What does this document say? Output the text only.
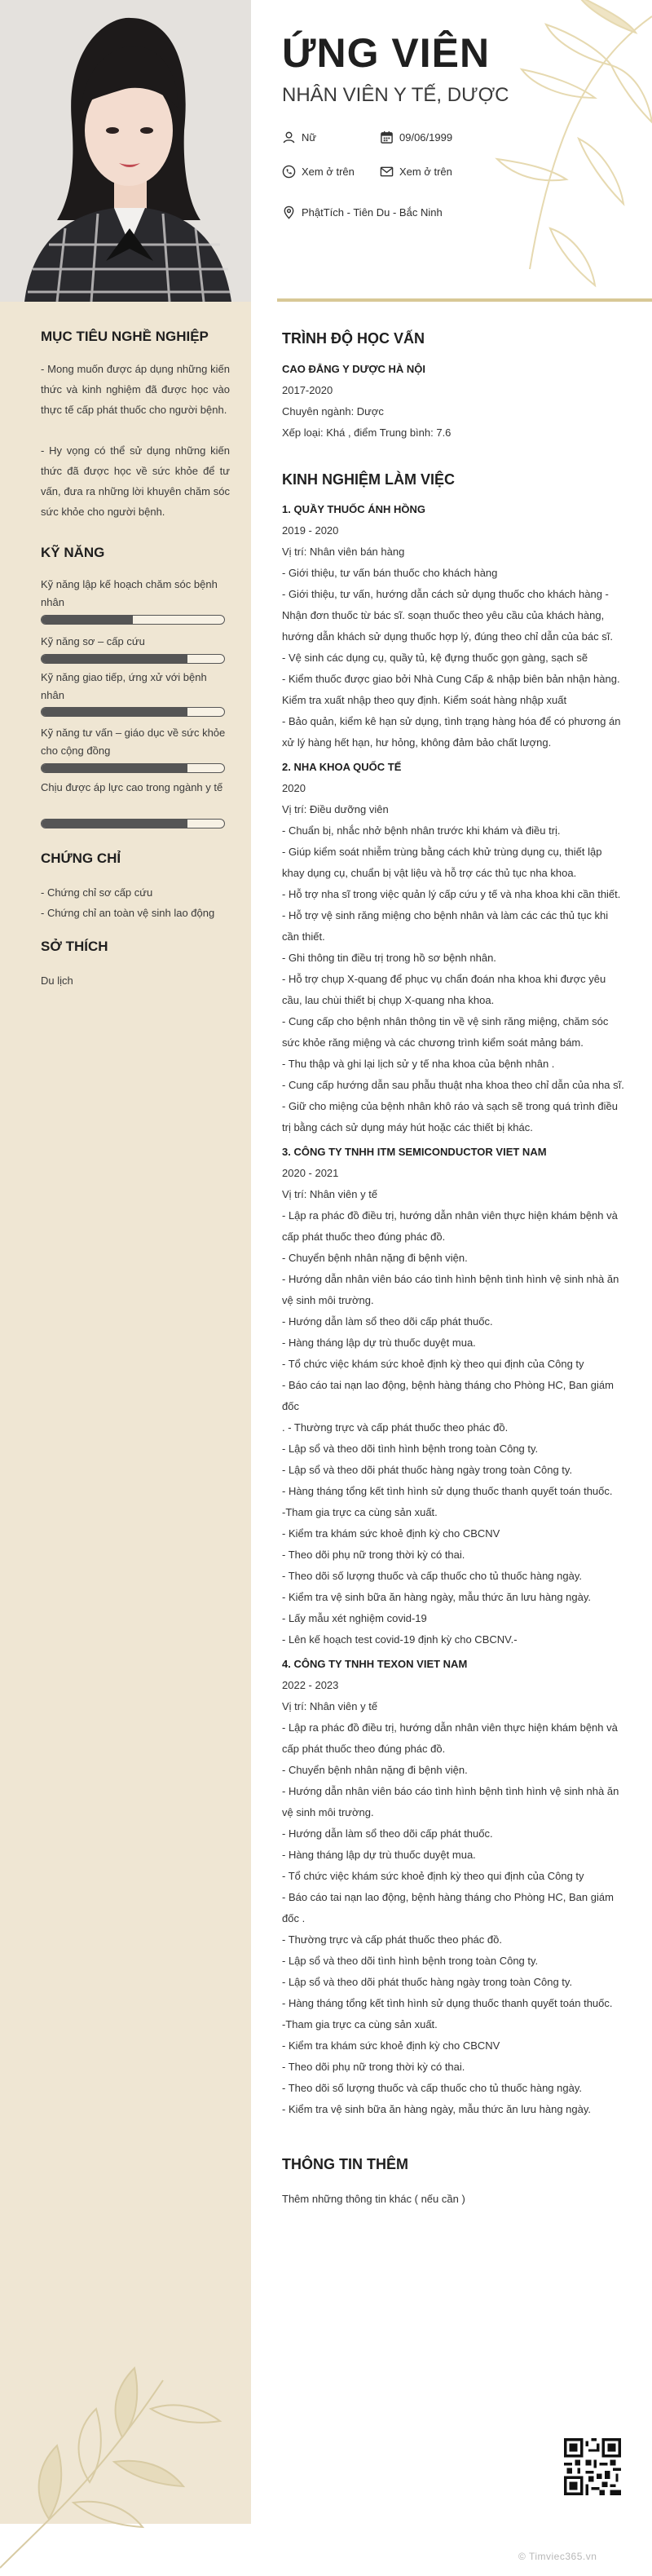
ỨNG VIÊN
NHÂN VIÊN Y TẾ, DƯỢC
Nữ	09/06/1999
Xem ở trên	Xem ở trên
PhậtTích - Tiên Du - Bắc Ninh
MỤC TIÊU NGHỀ NGHIỆP
- Mong muốn được áp dụng những kiến thức và kinh nghiệm đã được học vào thực tế cấp phát thuốc cho người bệnh.
- Hy vọng có thể sử dụng những kiến thức đã được học về sức khỏe để tư vấn, đưa ra những lời khuyên chăm sóc sức khỏe cho người bệnh.
KỸ NĂNG
Kỹ năng lập kế hoạch chăm sóc bệnh nhân
Kỹ năng sơ – cấp cứu
Kỹ năng giao tiếp, ứng xử với bệnh nhân
Kỹ năng tư vấn – giáo dục về sức khỏe cho cộng đồng
Chịu được áp lực cao trong ngành y tế
CHỨNG CHỈ
- Chứng chỉ sơ cấp cứu
- Chứng chỉ an toàn vệ sinh lao động
SỞ THÍCH
Du lịch
TRÌNH ĐỘ HỌC VẤN
CAO ĐẲNG Y DƯỢC HÀ NỘI
2017-2020
Chuyên ngành: Dược
Xếp loại: Khá , điểm Trung bình: 7.6
KINH NGHIỆM LÀM VIỆC
1. QUẦY THUỐC ÁNH HỒNG
2019 - 2020
Vị trí: Nhân viên bán hàng
- Giới thiệu, tư vấn bán thuốc cho khách hàng
- Giới thiệu, tư vấn, hướng dẫn cách sử dụng thuốc cho khách hàng - Nhận đơn thuốc từ bác sĩ. soạn thuốc theo yêu cầu của khách hàng, hướng dẫn khách sử dụng thuốc hợp lý, đúng theo chỉ dẫn của bác sĩ.
- Vệ sinh các dụng cụ, quầy tủ, kệ đựng thuốc gọn gàng, sạch sẽ
- Kiểm thuốc được giao bởi Nhà Cung Cấp & nhập biên bản nhận hàng. Kiểm tra xuất nhập theo quy định. Kiểm soát hàng nhập xuất
- Bảo quản, kiểm kê hạn sử dụng, tình trạng hàng hóa để có phương án xử lý hàng hết hạn, hư hỏng, không đảm bảo chất lượng.
2. NHA KHOA QUỐC TẾ
2020
Vị trí: Điều dưỡng viên
- Chuẩn bị, nhắc nhở bệnh nhân trước khi khám và điều trị.
- Giúp kiểm soát nhiễm trùng bằng cách khử trùng dụng cụ, thiết lập khay dụng cụ, chuẩn bị vật liệu và hỗ trợ các thủ tục nha khoa.
- Hỗ trợ nha sĩ trong việc quản lý cấp cứu y tế và nha khoa khi cần thiết.
- Hỗ trợ vệ sinh răng miệng cho bệnh nhân và làm các các thủ tục khi cần thiết.
- Ghi thông tin điều trị trong hồ sơ bệnh nhân.
- Hỗ trợ chụp X-quang để phục vụ chẩn đoán nha khoa khi được yêu cầu, lau chùi thiết bị chụp X-quang nha khoa.
- Cung cấp cho bệnh nhân thông tin về vệ sinh răng miệng, chăm sóc sức khỏe răng miệng và các chương trình kiểm soát mảng bám.
- Thu thập và ghi lại lịch sử y tế nha khoa của bệnh nhân .
- Cung cấp hướng dẫn sau phẫu thuật nha khoa theo chỉ dẫn của nha sĩ.
- Giữ cho miệng của bệnh nhân khô ráo và sạch sẽ trong quá trình điều trị bằng cách sử dụng máy hút hoặc các thiết bị khác.
3. CÔNG TY TNHH ITM SEMICONDUCTOR VIET NAM
2020 - 2021
Vị trí: Nhân viên y tế
- Lập ra phác đồ điều trị, hướng dẫn nhân viên thực hiện khám bệnh và cấp phát thuốc theo đúng phác đồ.
- Chuyển bệnh nhân nặng đi bệnh viện.
- Hướng dẫn nhân viên báo cáo tình hình bệnh tình hình vệ sinh nhà ăn vệ sinh môi trường.
- Hướng dẫn làm sổ theo dõi cấp phát thuốc.
- Hàng tháng lập dự trù thuốc duyệt mua.
- Tổ chức việc khám sức khoẻ định kỳ theo qui định của Công ty
- Báo cáo tai nạn lao động, bệnh hàng tháng cho Phòng HC, Ban giám đốc
. - Thường trực và cấp phát thuốc theo phác đồ.
- Lập sổ và theo dõi tình hình bệnh trong toàn Công ty.
- Lập sổ và theo dõi phát thuốc hàng ngày trong toàn Công ty.
- Hàng tháng tổng kết tình hình sử dụng thuốc thanh quyết toán thuốc.
-Tham gia trực ca cùng sản xuất.
- Kiểm tra khám sức khoẻ định kỳ cho CBCNV
- Theo dõi phụ nữ trong thời kỳ có thai.
- Theo dõi số lượng thuốc và cấp thuốc cho tủ thuốc hàng ngày.
- Kiểm tra vệ sinh bữa ăn hàng ngày, mẫu thức ăn lưu hàng ngày.
- Lấy mẫu xét nghiệm covid-19
- Lên kế hoạch test covid-19 định kỳ cho CBCNV.-
4. CÔNG TY TNHH TEXON VIET NAM
2022 - 2023
Vị trí: Nhân viên y tế
- Lập ra phác đồ điều trị, hướng dẫn nhân viên thực hiện khám bệnh và cấp phát thuốc theo đúng phác đồ.
- Chuyển bệnh nhân nặng đi bệnh viện.
- Hướng dẫn nhân viên báo cáo tình hình bệnh tình hình vệ sinh nhà ăn vệ sinh môi trường.
- Hướng dẫn làm sổ theo dõi cấp phát thuốc.
- Hàng tháng lập dự trù thuốc duyệt mua.
- Tổ chức việc khám sức khoẻ định kỳ theo qui định của Công ty
- Báo cáo tai nạn lao động, bệnh hàng tháng cho Phòng HC, Ban giám đốc .
- Thường trực và cấp phát thuốc theo phác đồ.
- Lập sổ và theo dõi tình hình bệnh trong toàn Công ty.
- Lập sổ và theo dõi phát thuốc hàng ngày trong toàn Công ty.
- Hàng tháng tổng kết tình hình sử dụng thuốc thanh quyết toán thuốc.
-Tham gia trực ca cùng sản xuất.
- Kiểm tra khám sức khoẻ định kỳ cho CBCNV
- Theo dõi phụ nữ trong thời kỳ có thai.
- Theo dõi số lượng thuốc và cấp thuốc cho tủ thuốc hàng ngày.
- Kiểm tra vệ sinh bữa ăn hàng ngày, mẫu thức ăn lưu hàng ngày.
THÔNG TIN THÊM
Thêm những thông tin khác ( nếu cần )
© Timviec365.vn
